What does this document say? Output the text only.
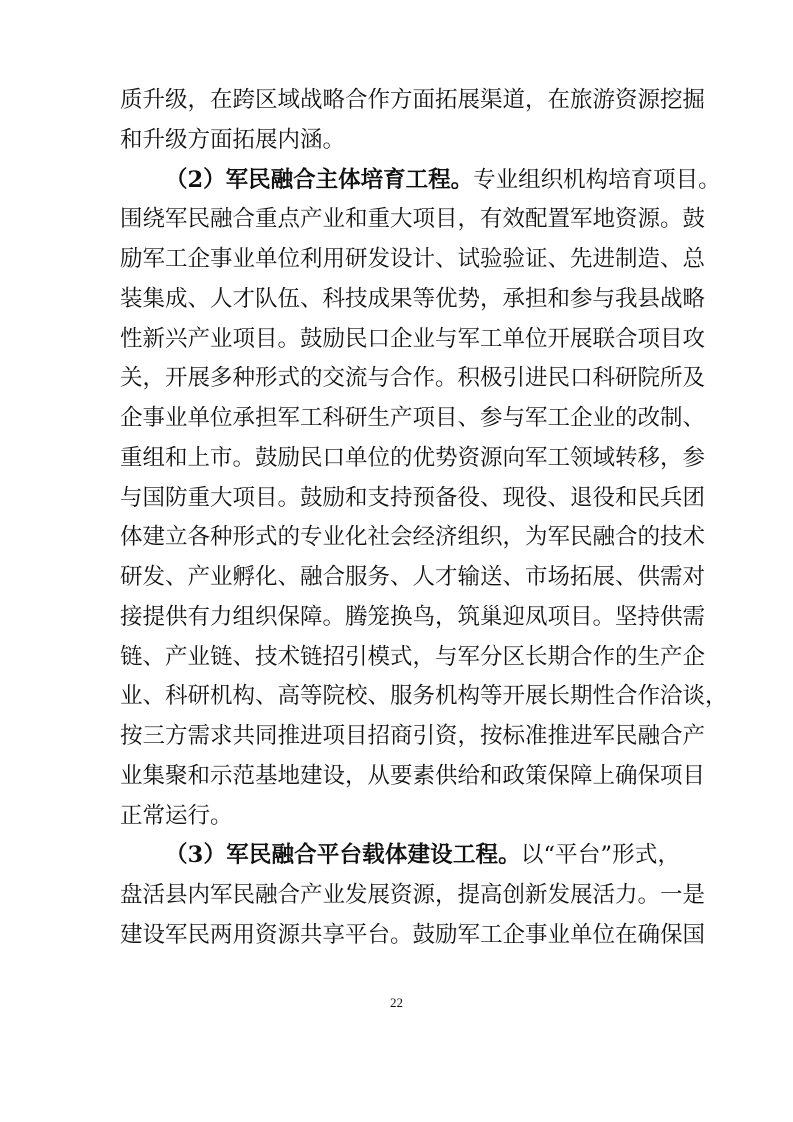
质升级，在跨区域战略合作方面拓展渠道，在旅游资源挖掘
和升级方面拓展内涵。
（2）军民融合主体培育工程。专业组织机构培育项目。
围绕军民融合重点产业和重大项目，有效配置军地资源。鼓
励军工企事业单位利用研发设计、试验验证、先进制造、总
装集成、人才队伍、科技成果等优势，承担和参与我县战略
性新兴产业项目。鼓励民口企业与军工单位开展联合项目攻
关，开展多种形式的交流与合作。积极引进民口科研院所及
企事业单位承担军工科研生产项目、参与军工企业的改制、
重组和上市。鼓励民口单位的优势资源向军工领域转移，参
与国防重大项目。鼓励和支持预备役、现役、退役和民兵团
体建立各种形式的专业化社会经济组织，为军民融合的技术
研发、产业孵化、融合服务、人才输送、市场拓展、供需对
接提供有力组织保障。腾笼换鸟，筑巢迎凤项目。坚持供需
链、产业链、技术链招引模式，与军分区长期合作的生产企
业、科研机构、高等院校、服务机构等开展长期性合作洽谈，
按三方需求共同推进项目招商引资，按标准推进军民融合产
业集聚和示范基地建设，从要素供给和政策保障上确保项目
正常运行。
（3）军民融合平台载体建设工程。以“平台”形式，
盘活县内军民融合产业发展资源，提高创新发展活力。一是
22
建设军民两用资源共享平台。鼓励军工企事业单位在确保国
